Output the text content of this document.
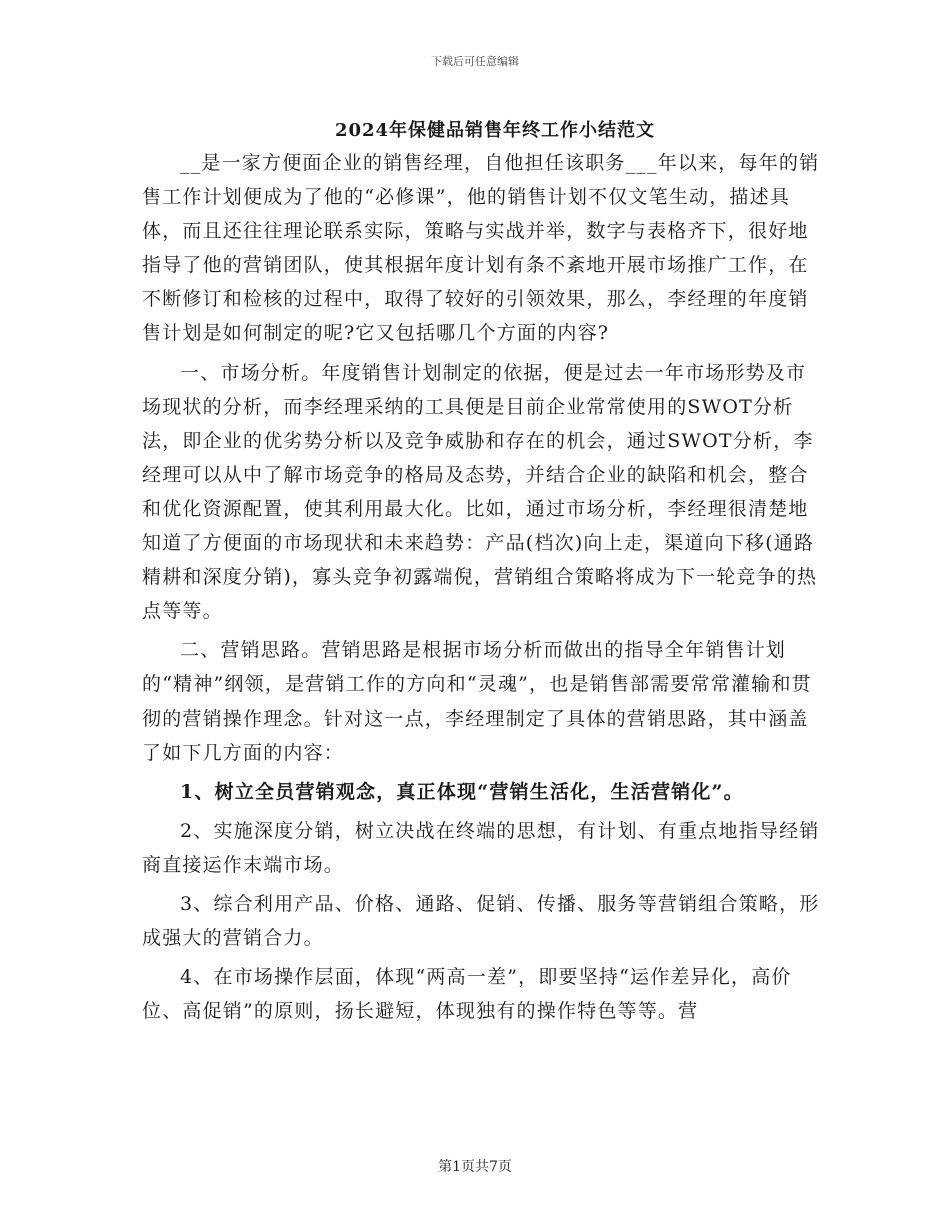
下载后可任意编辑
2024年保健品销售年终工作小结范文

__是一家方便面企业的销售经理，自他担任该职务___年以来，每年的销售工作计划便成为了他的“必修课”，他的销售计划不仅文笔生动，描述具体，而且还往往理论联系实际，策略与实战并举，数字与表格齐下，很好地指导了他的营销团队，使其根据年度计划有条不紊地开展市场推广工作，在不断修订和检核的过程中，取得了较好的引领效果，那么，李经理的年度销售计划是如何制定的呢?它又包括哪几个方面的内容?

一、市场分析。年度销售计划制定的依据，便是过去一年市场形势及市场现状的分析，而李经理采纳的工具便是目前企业常常使用的SWOT分析法，即企业的优劣势分析以及竞争威胁和存在的机会，通过SWOT分析，李经理可以从中了解市场竞争的格局及态势，并结合企业的缺陷和机会，整合和优化资源配置，使其利用最大化。比如，通过市场分析，李经理很清楚地知道了方便面的市场现状和未来趋势：产品(档次)向上走，渠道向下移(通路精耕和深度分销)，寡头竞争初露端倪，营销组合策略将成为下一轮竞争的热点等等。

二、营销思路。营销思路是根据市场分析而做出的指导全年销售计划的“精神”纲领，是营销工作的方向和“灵魂”，也是销售部需要常常灌输和贯彻的营销操作理念。针对这一点，李经理制定了具体的营销思路，其中涵盖了如下几方面的内容：

1、树立全员营销观念，真正体现“营销生活化，生活营销化”。

2、实施深度分销，树立决战在终端的思想，有计划、有重点地指导经销商直接运作末端市场。

3、综合利用产品、价格、通路、促销、传播、服务等营销组合策略，形成强大的营销合力。

4、在市场操作层面，体现“两高一差”，即要坚持“运作差异化，高价位、高促销”的原则，扬长避短，体现独有的操作特色等等。营

第1页共7页
